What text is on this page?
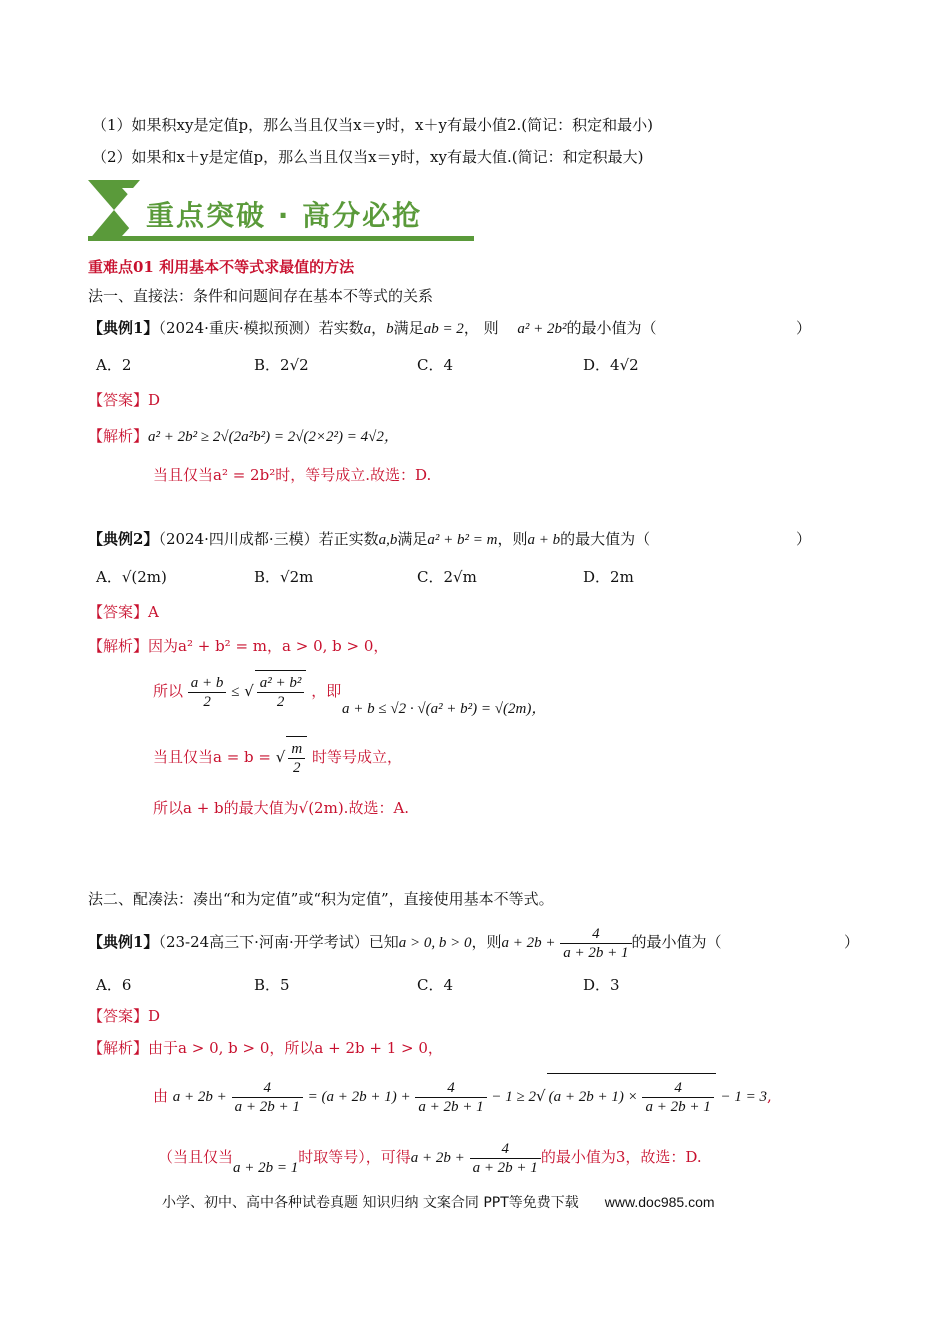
（1）如果积xy是定值p，那么当且仅当x＝y时，x＋y有最小值2.(简记：积定和最小)
（2）如果和x＋y是定值p，那么当且仅当x＝y时，xy有最大值.(简记：和定积最大)
重点突破 · 高分必抢
重难点01 利用基本不等式求最值的方法
法一、直接法：条件和问题间存在基本不等式的关系
【典例1】（2024·重庆·模拟预测）若实数a，b满足ab = 2， 则 a² + 2b²的最小值为（	）
A．2	B．2√2	C．4	D．4√2
【答案】D
【解析】a² + 2b² ≥ 2√(2a²b²) = 2√(2×2²) = 4√2，
当且仅当a² = 2b²时，等号成立.故选：D.
【典例2】（2024·四川成都·三模）若正实数a,b满足a² + b² = m，则a + b的最大值为（	）
A．√(2m)	B．√2m	C．2√m	D．2m
【答案】A
【解析】因为a² + b² = m，a > 0, b > 0，
所以 $\frac{a + b}{2}$ ≤ √ $\frac{\text{a² + b²}}{2}$ ，即
a + b ≤ √2 · √(a² + b²) = √(2m)，
当且仅当a = b = √ $\frac{m}{2}$ 时等号成立，
所以a + b的最大值为√(2m).故选：A.
法二、配凑法：凑出“和为定值”或“积为定值”，直接使用基本不等式。
【典例1】（23-24高三下·河南·开学考试）已知a > 0, b > 0，则$a + 2b + \frac{4}{a + 2b + 1}$ 的最小值为（	）
A．6	B．5	C．4	D．3
【答案】D
【解析】由于a > 0, b > 0，所以a + 2b + 1 > 0，
由 $a + 2b + \frac{4}{a + 2b + 1} = (a + 2b + 1) + \frac{4}{a + 2b + 1} - 1 \ge 2√$ $(a + 2b + 1) \times \frac{4}{a + 2b + 1} - 1 = 3$,
（当且仅当a + 2b = 1时取等号），可得$a + 2b + \frac{4}{a + 2b + 1}$ 的最小值为3，故选：D.
小学、初中、高中各种试卷真题 知识归纳 文案合同 PPT等免费下载 www.doc985.com
